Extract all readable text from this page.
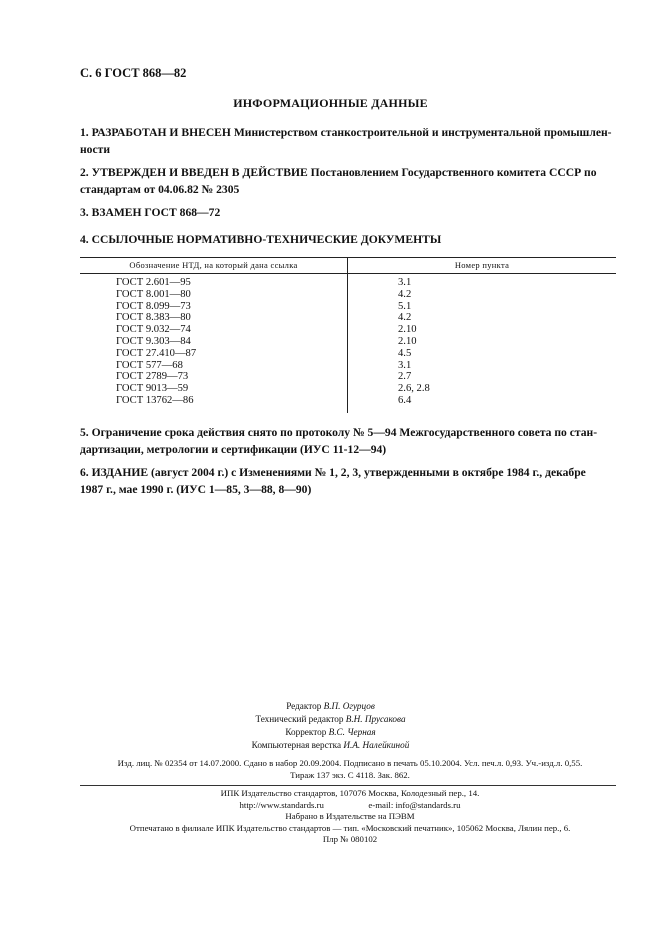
С. 6 ГОСТ 868—82
ИНФОРМАЦИОННЫЕ ДАННЫЕ
1. РАЗРАБОТАН И ВНЕСЕН Министерством станкостроительной и инструментальной промышлен-
ности
2. УТВЕРЖДЕН И ВВЕДЕН В ДЕЙСТВИЕ Постановлением Государственного комитета СССР по
стандартам от 04.06.82 № 2305
3. ВЗАМЕН ГОСТ 868—72
4. ССЫЛОЧНЫЕ НОРМАТИВНО-ТЕХНИЧЕСКИЕ ДОКУМЕНТЫ
Обозначение НТД, на который дана ссылка	Номер пункта
ГОСТ 2.601—95	3.1
ГОСТ 8.001—80	4.2
ГОСТ 8.099—73	5.1
ГОСТ 8.383—80	4.2
ГОСТ 9.032—74	2.10
ГОСТ 9.303—84	2.10
ГОСТ 27.410—87	4.5
ГОСТ 577—68	3.1
ГОСТ 2789—73	2.7
ГОСТ 9013—59	2.6, 2.8
ГОСТ 13762—86	6.4

5. Ограничение срока действия снято по протоколу № 5—94 Межгосударственного совета по стан-
дартизации, метрологии и сертификации (ИУС 11-12—94)
6. ИЗДАНИЕ (август 2004 г.) с Изменениями № 1, 2, 3, утвержденными в октябре 1984 г., декабре
1987 г., мае 1990 г. (ИУС 1—85, 3—88, 8—90)
Редактор В.П. Огурцов
Технический редактор В.Н. Прусакова
Корректор В.С. Черная
Компьютерная верстка И.А. Налейкиной
Изд. лиц. № 02354 от 14.07.2000. Сдано в набор 20.09.2004. Подписано в печать 05.10.2004. Усл. печ.л. 0,93. Уч.-изд.л. 0,55.
Тираж 137 экз. С 4118. Зак. 862.
ИПК Издательство стандартов, 107076 Москва, Колодезный пер., 14.
http://www.standards.ru	e-mail: info@standards.ru
Набрано в Издательстве на ПЭВМ
Отпечатано в филиале ИПК Издательство стандартов — тип. «Московский печатник», 105062 Москва, Лялин пер., 6.
Плр № 080102
